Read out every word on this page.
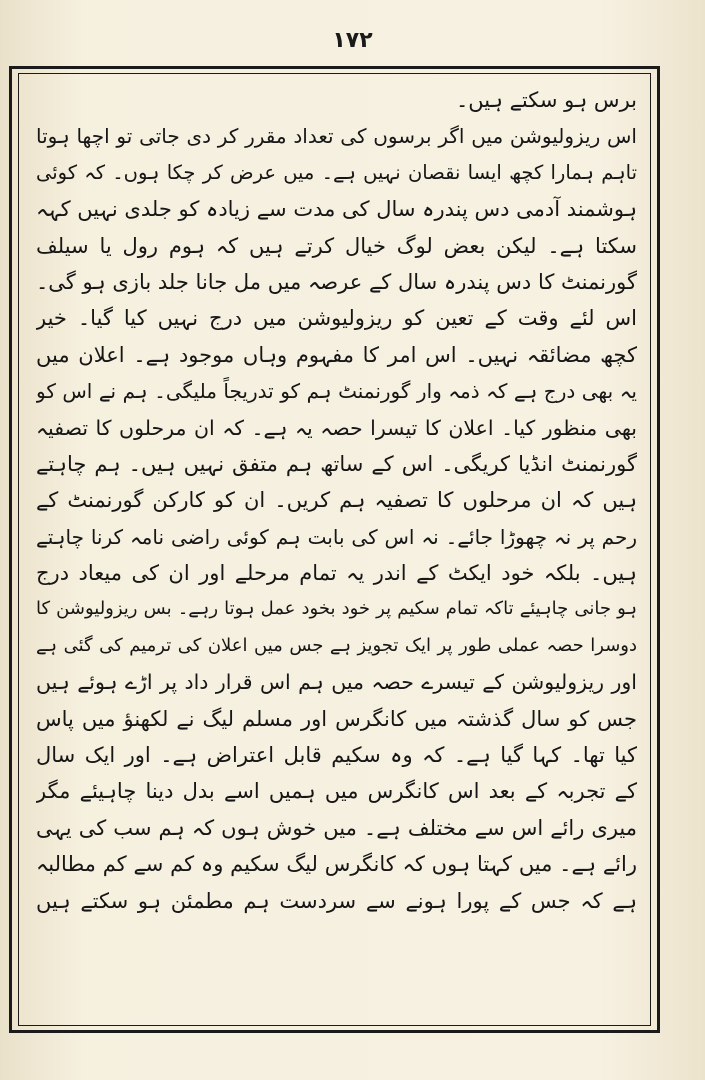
۱۷۲
برس ہو سکتے ہیں۔
اس ریزولیوشن میں اگر برسوں کی تعداد مقرر کر دی جاتی تو اچھا ہوتا
تاہم ہمارا کچھ ایسا نقصان نہیں ہے۔ میں عرض کر چکا ہوں۔ کہ کوئی
ہوشمند آدمی دس پندرہ سال کی مدت سے زیادہ کو جلدی نہیں کہہ
سکتا ہے۔ لیکن بعض لوگ خیال کرتے ہیں کہ ہوم رول یا سیلف
گورنمنٹ کا دس پندرہ سال کے عرصہ میں مل جانا جلد بازی ہو گی۔
اس لئے وقت کے تعین کو ریزولیوشن میں درج نہیں کیا گیا۔ خیر
کچھ مضائقہ نہیں۔ اس امر کا مفہوم وہاں موجود ہے۔ اعلان میں
یہ بھی درج ہے کہ ذمہ وار گورنمنٹ ہم کو تدریجاً ملیگی۔ ہم نے اس کو
بھی منظور کیا۔ اعلان کا تیسرا حصہ یہ ہے۔ کہ ان مرحلوں کا تصفیہ
گورنمنٹ انڈیا کریگی۔ اس کے ساتھ ہم متفق نہیں ہیں۔ ہم چاہتے
ہیں کہ ان مرحلوں کا تصفیہ ہم کریں۔ ان کو کارکن گورنمنٹ کے
رحم پر نہ چھوڑا جائے۔ نہ اس کی بابت ہم کوئی راضی نامہ کرنا چاہتے
ہیں۔ بلکہ خود ایکٹ کے اندر یہ تمام مرحلے اور ان کی میعاد درج
ہو جانی چاہیئے تاکہ تمام سکیم پر خود بخود عمل ہوتا رہے۔ بس ریزولیوشن کا
دوسرا حصہ عملی طور پر ایک تجویز ہے جس میں اعلان کی ترمیم کی گئی ہے
اور ریزولیوشن کے تیسرے حصہ میں ہم اس قرار داد پر اڑے ہوئے ہیں
جس کو سال گذشتہ میں کانگرس اور مسلم لیگ نے لکھنؤ میں پاس
کیا تھا۔ کہا گیا ہے۔ کہ وہ سکیم قابل اعتراض ہے۔ اور ایک سال
کے تجربہ کے بعد اس کانگرس میں ہمیں اسے بدل دینا چاہیئے مگر
میری رائے اس سے مختلف ہے۔ میں خوش ہوں کہ ہم سب کی یہی
رائے ہے۔ میں کہتا ہوں کہ کانگرس لیگ سکیم وہ کم سے کم مطالبہ
ہے کہ جس کے پورا ہونے سے سردست ہم مطمئن ہو سکتے ہیں
